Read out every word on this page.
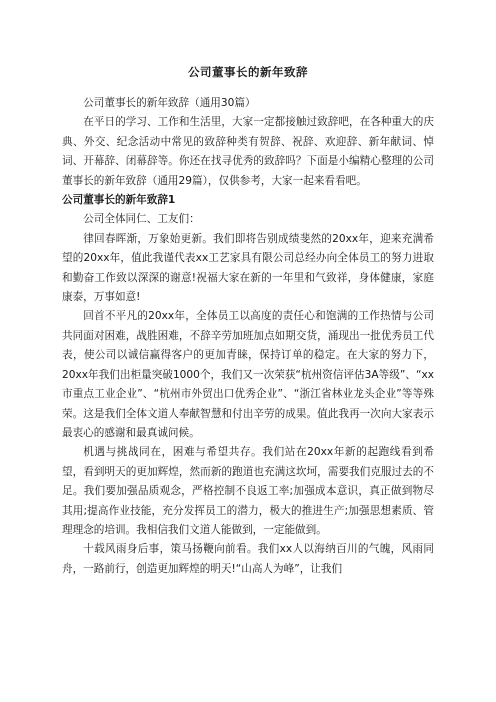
公司董事长的新年致辞

公司董事长的新年致辞（通用30篇）

在平日的学习、工作和生活里，大家一定都接触过致辞吧，在各种重大的庆典、外交、纪念活动中常见的致辞种类有贺辞、祝辞、欢迎辞、新年献词、悼词、开幕辞、闭幕辞等。你还在找寻优秀的致辞吗？下面是小编精心整理的公司董事长的新年致辞（通用29篇），仅供参考，大家一起来看看吧。

公司董事长的新年致辞1

公司全体同仁、工友们：

律回春晖渐，万象始更新。我们即将告别成绩斐然的20xx年，迎来充满希望的20xx年，值此我谨代表xx工艺家具有限公司总经办向全体员工的努力进取和勤奋工作致以深深的谢意!祝福大家在新的一年里和气致祥，身体健康，家庭康泰，万事如意!

回首不平凡的20xx年，全体员工以高度的责任心和饱满的工作热情与公司共同面对困难，战胜困难，不辞辛劳加班加点如期交货，涌现出一批优秀员工代表，使公司以诚信赢得客户的更加青睐，保持订单的稳定。在大家的努力下，20xx年我们出柜量突破1000个，我们又一次荣获“杭州资信评估3A等级”、“xx市重点工业企业”、“杭州市外贸出口优秀企业”、“浙江省林业龙头企业”等等殊荣。这是我们全体文道人奉献智慧和付出辛劳的成果。值此我再一次向大家表示最衷心的感谢和最真诚问候。

机遇与挑战同在，困难与希望共存。我们站在20xx年新的起跑线看到希望，看到明天的更加辉煌，然而新的跑道也充满这坎坷，需要我们克服过去的不足。我们要加强品质观念，严格控制不良返工率;加强成本意识，真正做到物尽其用;提高作业技能，充分发挥员工的潜力，极大的推进生产;加强思想素质、管理理念的培训。我相信我们文道人能做到，一定能做到。

十载风雨身后事，策马扬鞭向前看。我们xx人以海纳百川的气魄，风雨同舟，一路前行，创造更加辉煌的明天!“山高人为峰”，让我们
